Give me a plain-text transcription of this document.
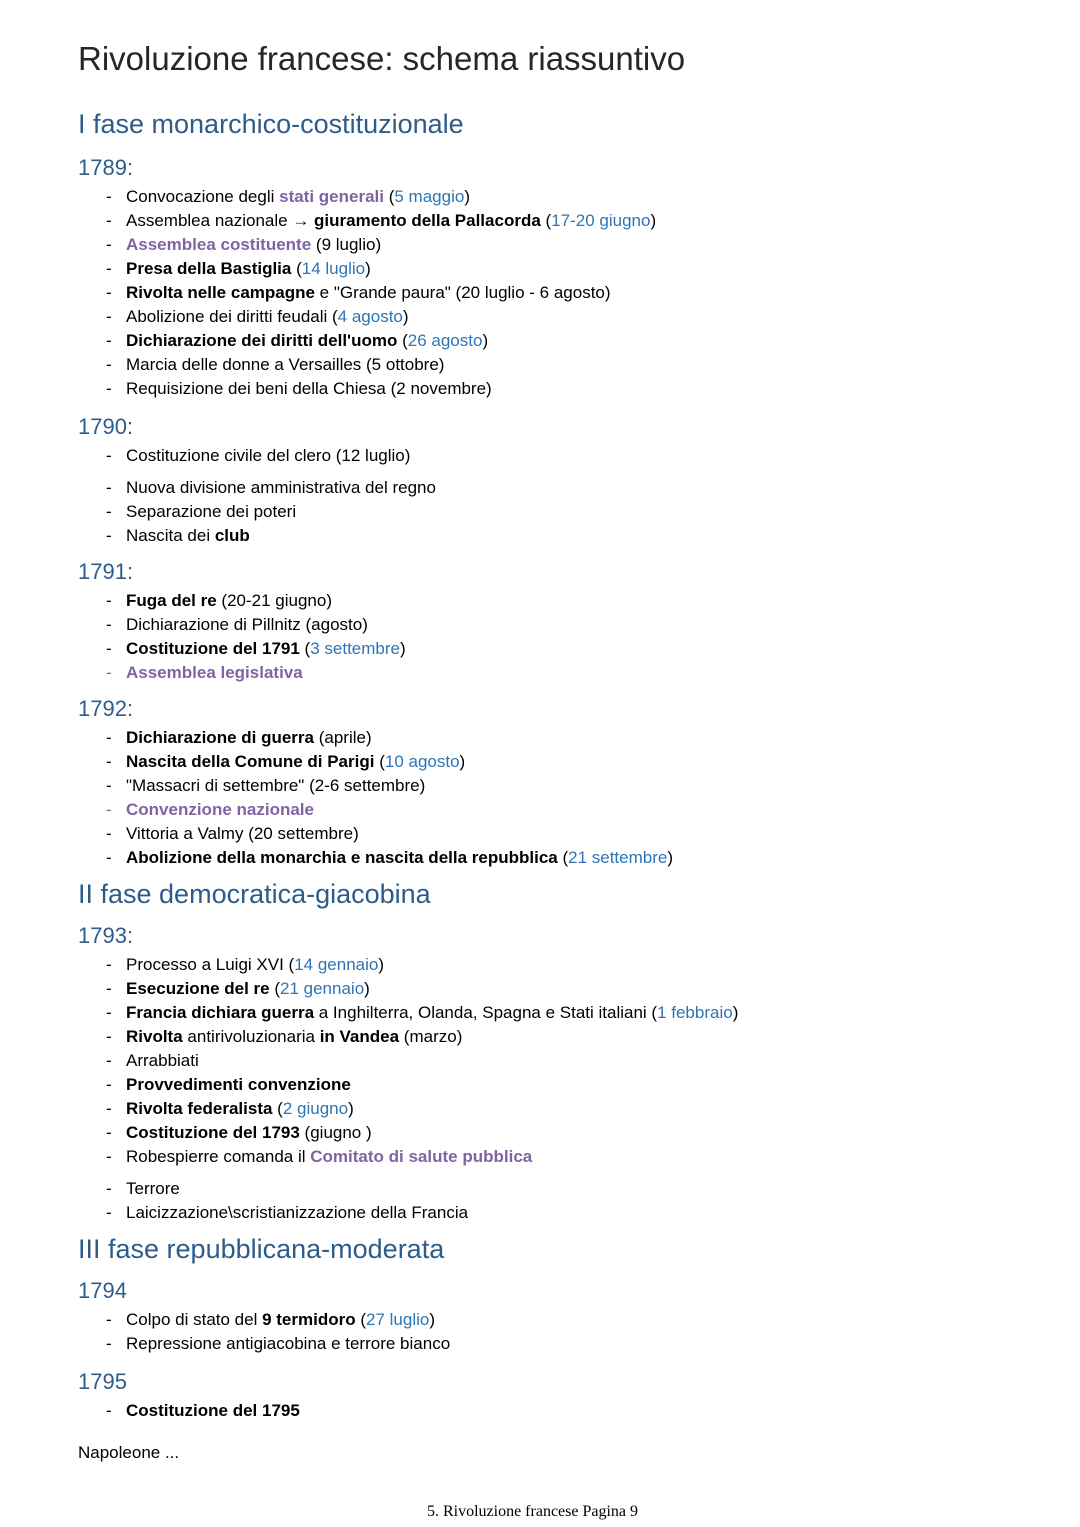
Rivoluzione francese: schema riassuntivo
I fase monarchico-costituzionale
1789:
- Convocazione degli stati generali (5 maggio)
- Assemblea nazionale → giuramento della Pallacorda (17-20 giugno)
- Assemblea costituente (9 luglio)
- Presa della Bastiglia (14 luglio)
- Rivolta nelle campagne e "Grande paura" (20 luglio - 6 agosto)
- Abolizione dei diritti feudali (4 agosto)
- Dichiarazione dei diritti dell'uomo (26 agosto)
- Marcia delle donne a Versailles (5 ottobre)
- Requisizione dei beni della Chiesa (2 novembre)
1790:
- Costituzione civile del clero (12 luglio)
- Nuova divisione amministrativa del regno
- Separazione dei poteri
- Nascita dei club
1791:
- Fuga del re (20-21 giugno)
- Dichiarazione di Pillnitz (agosto)
- Costituzione del 1791 (3 settembre)
- Assemblea legislativa
1792:
- Dichiarazione di guerra (aprile)
- Nascita della Comune di Parigi (10 agosto)
- "Massacri di settembre" (2-6 settembre)
- Convenzione nazionale
- Vittoria a Valmy (20 settembre)
- Abolizione della monarchia e nascita della repubblica (21 settembre)
II fase democratica-giacobina
1793:
- Processo a Luigi XVI (14 gennaio)
- Esecuzione del re (21 gennaio)
- Francia dichiara guerra a Inghilterra, Olanda, Spagna e Stati italiani (1 febbraio)
- Rivolta antirivoluzionaria in Vandea (marzo)
- Arrabbiati
- Provvedimenti convenzione
- Rivolta federalista (2 giugno)
- Costituzione del 1793 (giugno )
- Robespierre comanda il Comitato di salute pubblica
- Terrore
- Laicizzazione\scristianizzazione della Francia
III fase repubblicana-moderata
1794
- Colpo di stato del 9 termidoro (27 luglio)
- Repressione antigiacobina e terrore bianco
1795
- Costituzione del 1795

Napoleone ...

5. Rivoluzione francese Pagina 9
